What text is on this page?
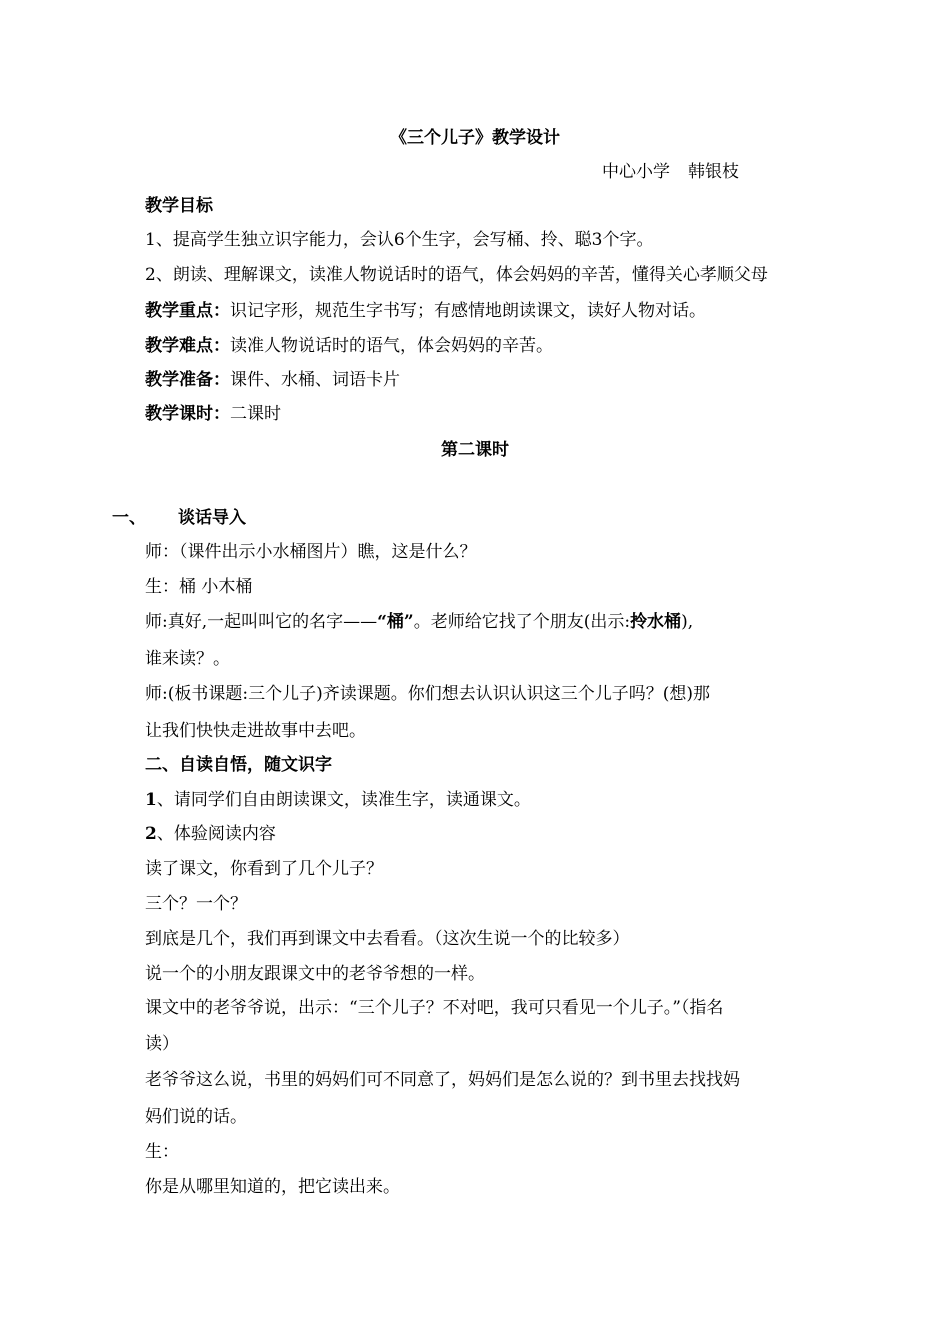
《三个儿子》教学设计
中心小学 韩银枝
教学目标
1、提高学生独立识字能力，会认6个生字，会写桶、拎、聪3个字。
2、朗读、理解课文，读准人物说话时的语气，体会妈妈的辛苦，懂得关心孝顺父母
教学重点：识记字形，规范生字书写；有感情地朗读课文，读好人物对话。
教学难点：读准人物说话时的语气，体会妈妈的辛苦。
教学准备：课件、水桶、词语卡片
教学课时：二课时
第二课时
一、 谈话导入
师：（课件出示小水桶图片）瞧，这是什么？
生：桶 小木桶
师:真好,一起叫叫它的名字——“桶”。老师给它找了个朋友(出示:拎水桶),
谁来读？。
师:(板书课题:三个儿子)齐读课题。你们想去认识认识这三个儿子吗？(想)那
让我们快快走进故事中去吧。
二、自读自悟，随文识字
1、请同学们自由朗读课文，读准生字，读通课文。
2、体验阅读内容
读了课文，你看到了几个儿子？
三个？一个？
到底是几个，我们再到课文中去看看。（这次生说一个的比较多）
说一个的小朋友跟课文中的老爷爷想的一样。
课文中的老爷爷说，出示：“三个儿子？不对吧，我可只看见一个儿子。”（指名
读）
老爷爷这么说，书里的妈妈们可不同意了，妈妈们是怎么说的？到书里去找找妈
妈们说的话。
生：
你是从哪里知道的，把它读出来。
